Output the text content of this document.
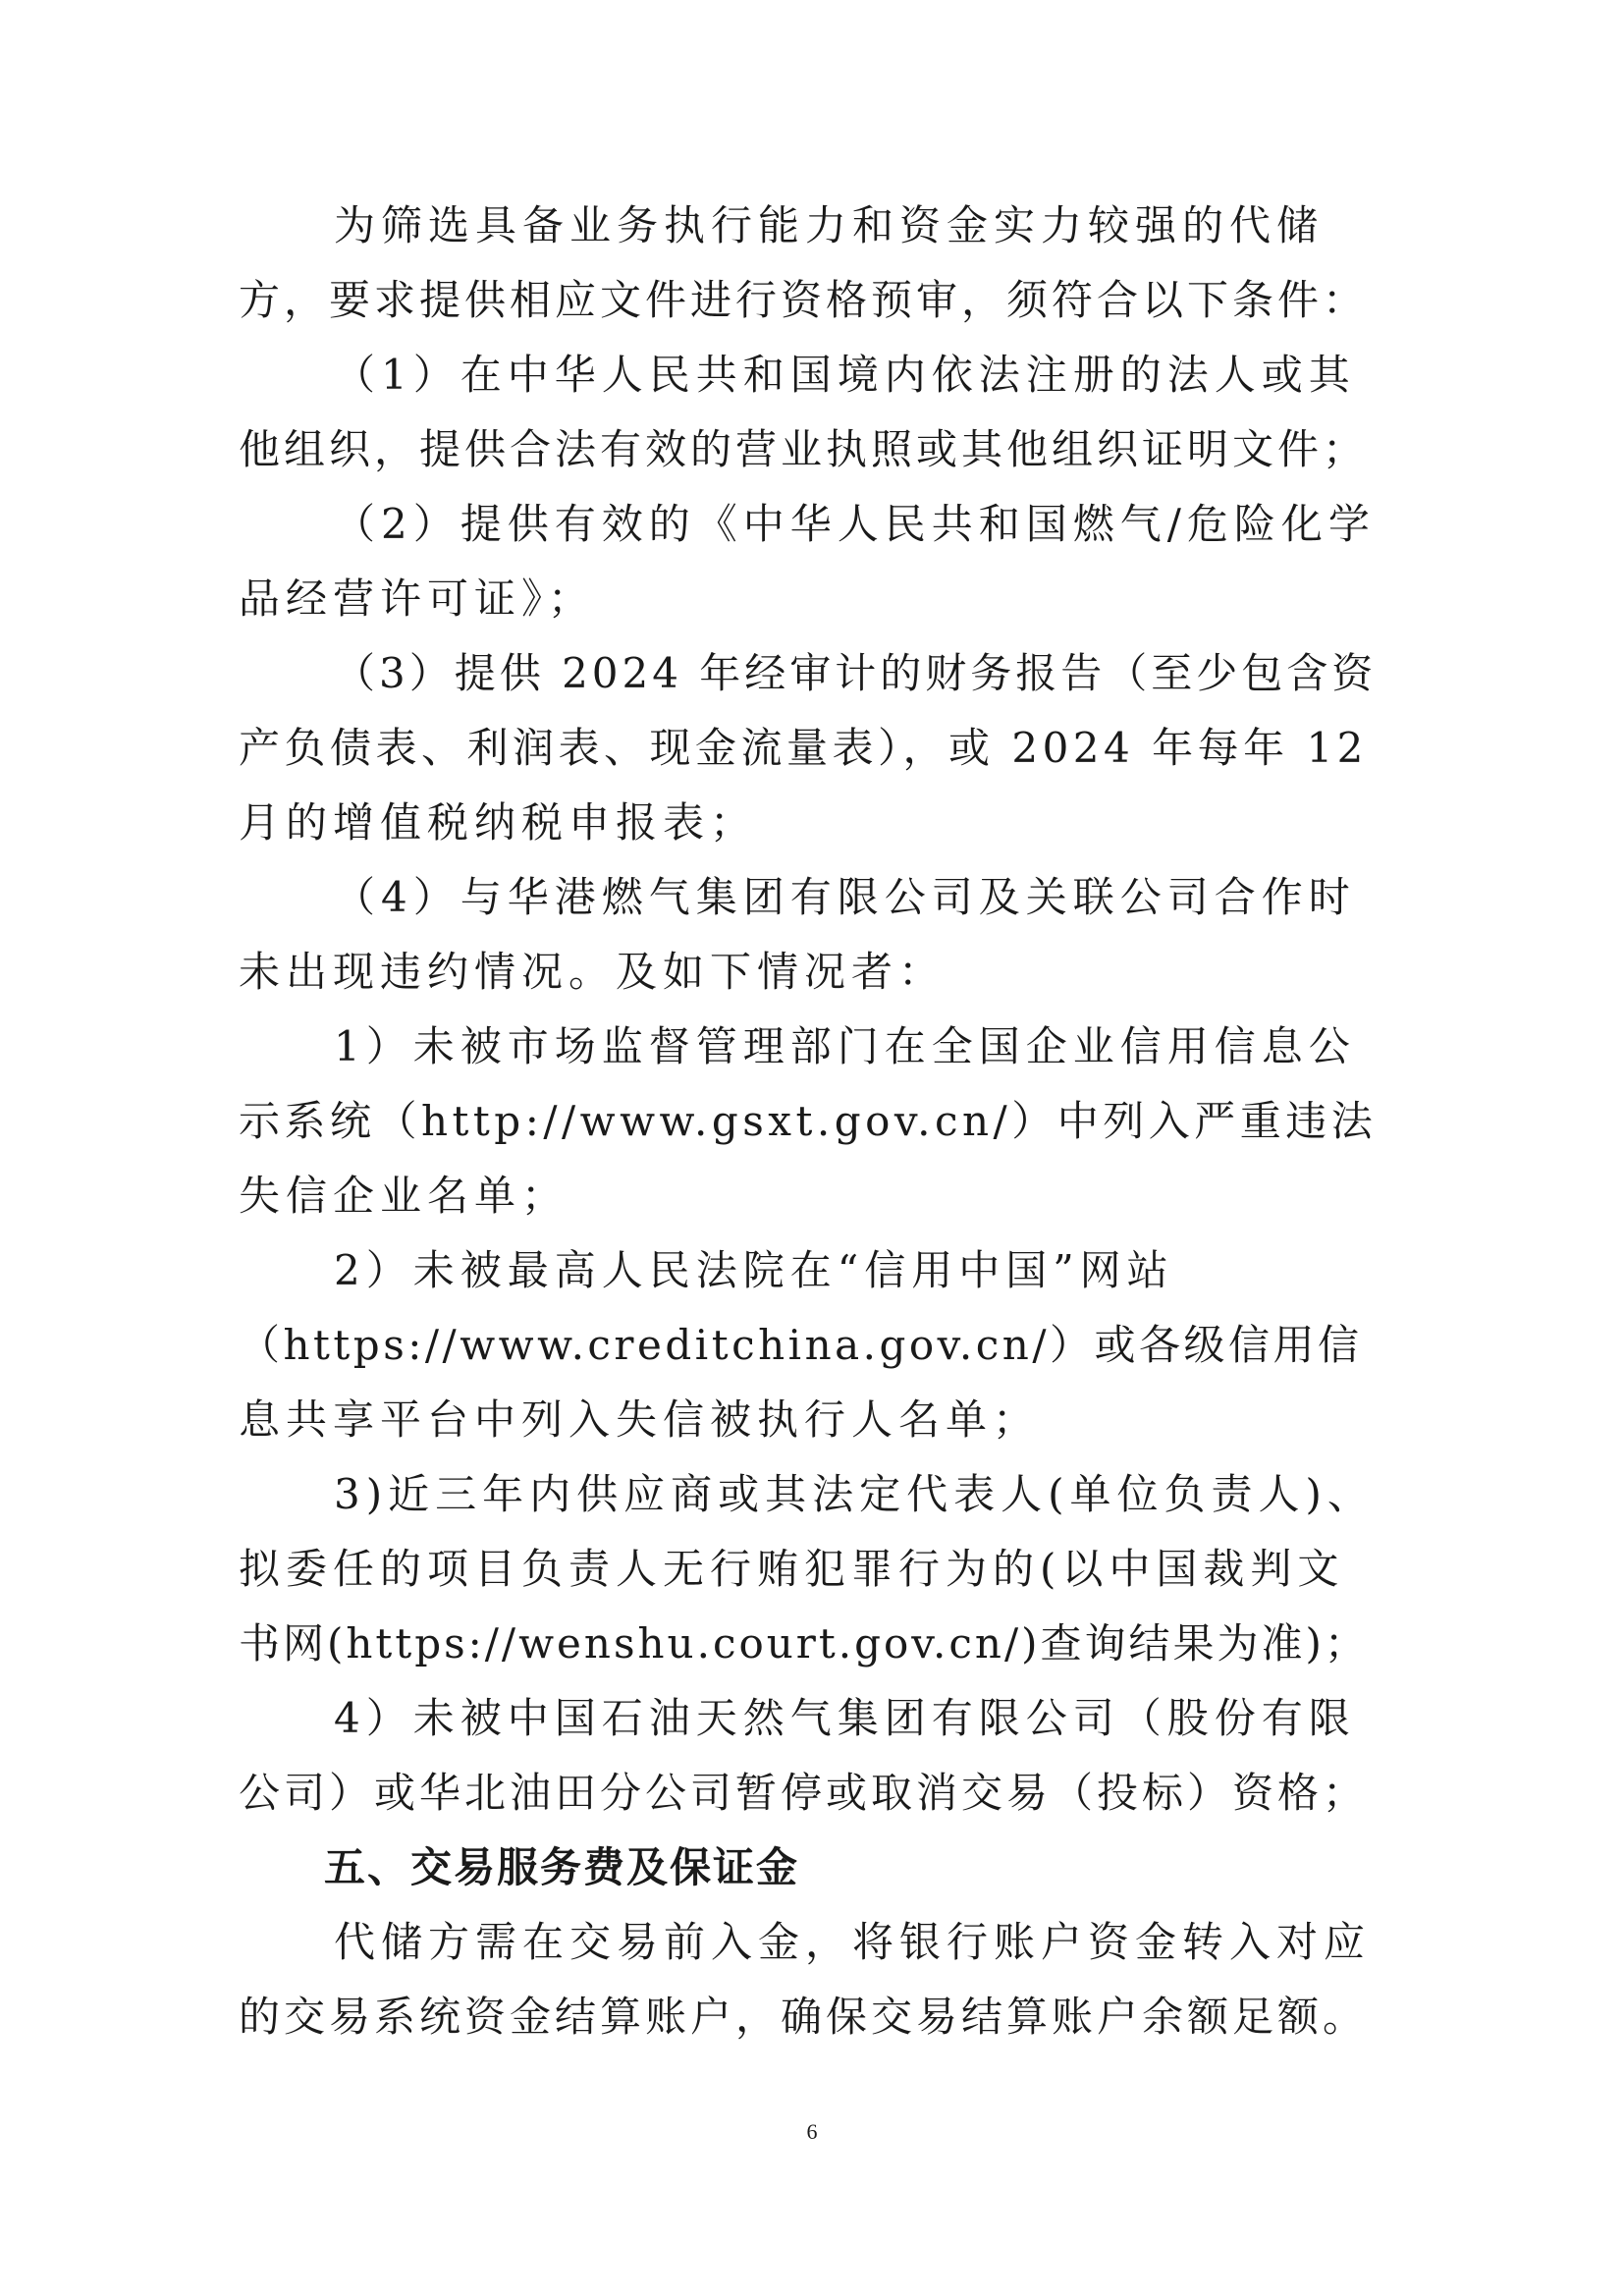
为筛选具备业务执行能力和资金实力较强的代储
方，要求提供相应文件进行资格预审，须符合以下条件：
（1）在中华人民共和国境内依法注册的法人或其
他组织，提供合法有效的营业执照或其他组织证明文件；
（2）提供有效的《中华人民共和国燃气/危险化学
品经营许可证》；
（3）提供 2024 年经审计的财务报告（至少包含资
产负债表、利润表、现金流量表），或 2024 年每年 12
月的增值税纳税申报表；
（4）与华港燃气集团有限公司及关联公司合作时
未出现违约情况。及如下情况者：
1）未被市场监督管理部门在全国企业信用信息公
示系统（http://www.gsxt.gov.cn/）中列入严重违法
失信企业名单；
2）未被最高人民法院在“信用中国”网站
（https://www.creditchina.gov.cn/）或各级信用信
息共享平台中列入失信被执行人名单；
3)近三年内供应商或其法定代表人(单位负责人)、
拟委任的项目负责人无行贿犯罪行为的(以中国裁判文
书网(https://wenshu.court.gov.cn/)查询结果为准)；
4）未被中国石油天然气集团有限公司（股份有限
公司）或华北油田分公司暂停或取消交易（投标）资格；
五、交易服务费及保证金
代储方需在交易前入金，将银行账户资金转入对应
的交易系统资金结算账户，确保交易结算账户余额足额。
6
